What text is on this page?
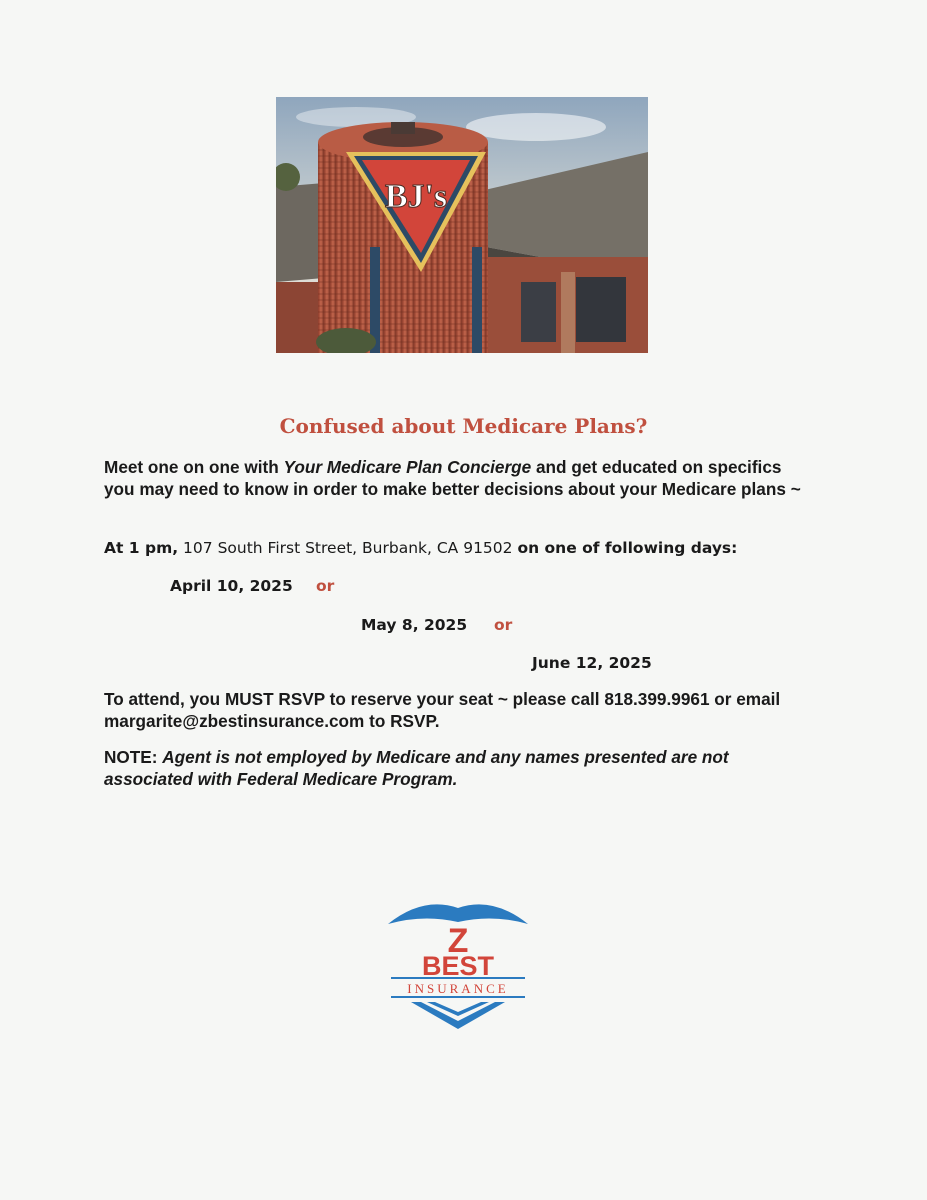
BJ's
Confused about Medicare Plans?

Meet one on one with Your Medicare Plan Concierge and get educated on specifics you may need to know in order to make better decisions about your Medicare plans ~

At 1 pm, 107 South First Street, Burbank, CA 91502 on one of following days:

April 10, 2025 or

May 8, 2025 or

June 12, 2025

To attend, you MUST RSVP to reserve your seat ~ please call 818.399.9961 or email margarite@zbestinsurance.com to RSVP.

NOTE: Agent is not employed by Medicare and any names presented are not associated with Federal Medicare Program.

Z
BEST
INSURANCE
